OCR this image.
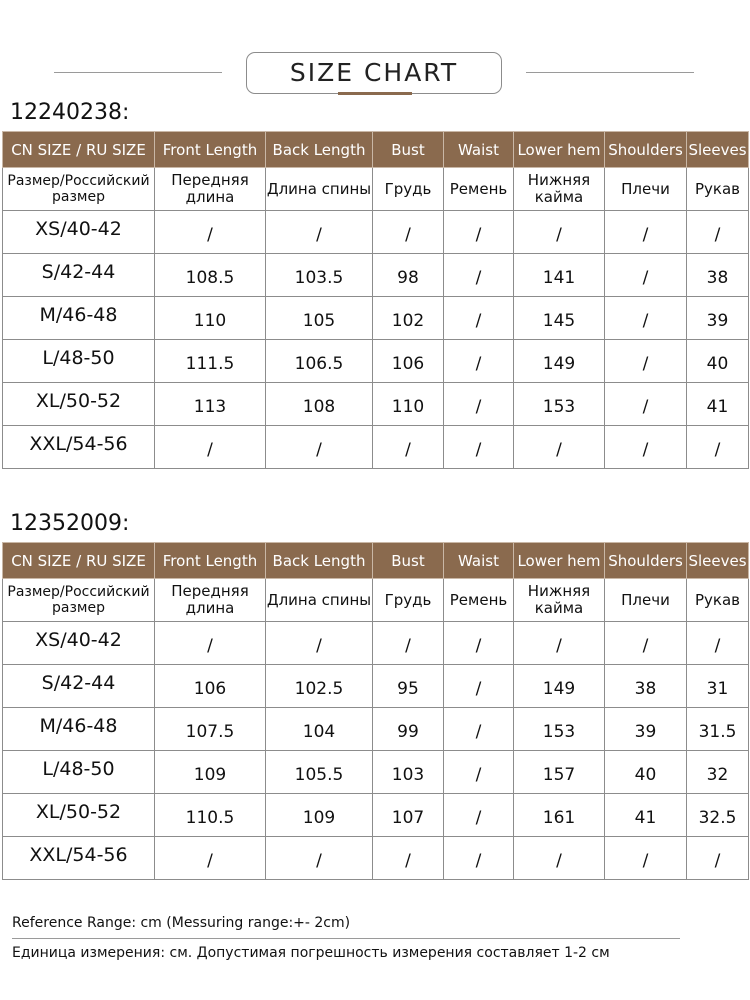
SIZE CHART
12240238:
CN SIZE / RU SIZE	Front Length	Back Length	Bust	Waist	Lower hem	Shoulders	Sleeves
Размер/Российский размер	Передняя длина	Длина спины	Грудь	Ремень	Нижняя кайма	Плечи	Рукав
XS/40-42	/	/	/	/	/	/	/
S/42-44	108.5	103.5	98	/	141	/	38
M/46-48	110	105	102	/	145	/	39
L/48-50	111.5	106.5	106	/	149	/	40
XL/50-52	113	108	110	/	153	/	41
XXL/54-56	/	/	/	/	/	/	/
12352009:
CN SIZE / RU SIZE	Front Length	Back Length	Bust	Waist	Lower hem	Shoulders	Sleeves
Размер/Российский размер	Передняя длина	Длина спины	Грудь	Ремень	Нижняя кайма	Плечи	Рукав
XS/40-42	/	/	/	/	/	/	/
S/42-44	106	102.5	95	/	149	38	31
M/46-48	107.5	104	99	/	153	39	31.5
L/48-50	109	105.5	103	/	157	40	32
XL/50-52	110.5	109	107	/	161	41	32.5
XXL/54-56	/	/	/	/	/	/	/
Reference Range: cm (Messuring range:+- 2cm)
Единица измерения: см. Допустимая погрешность измерения составляет 1-2 см
